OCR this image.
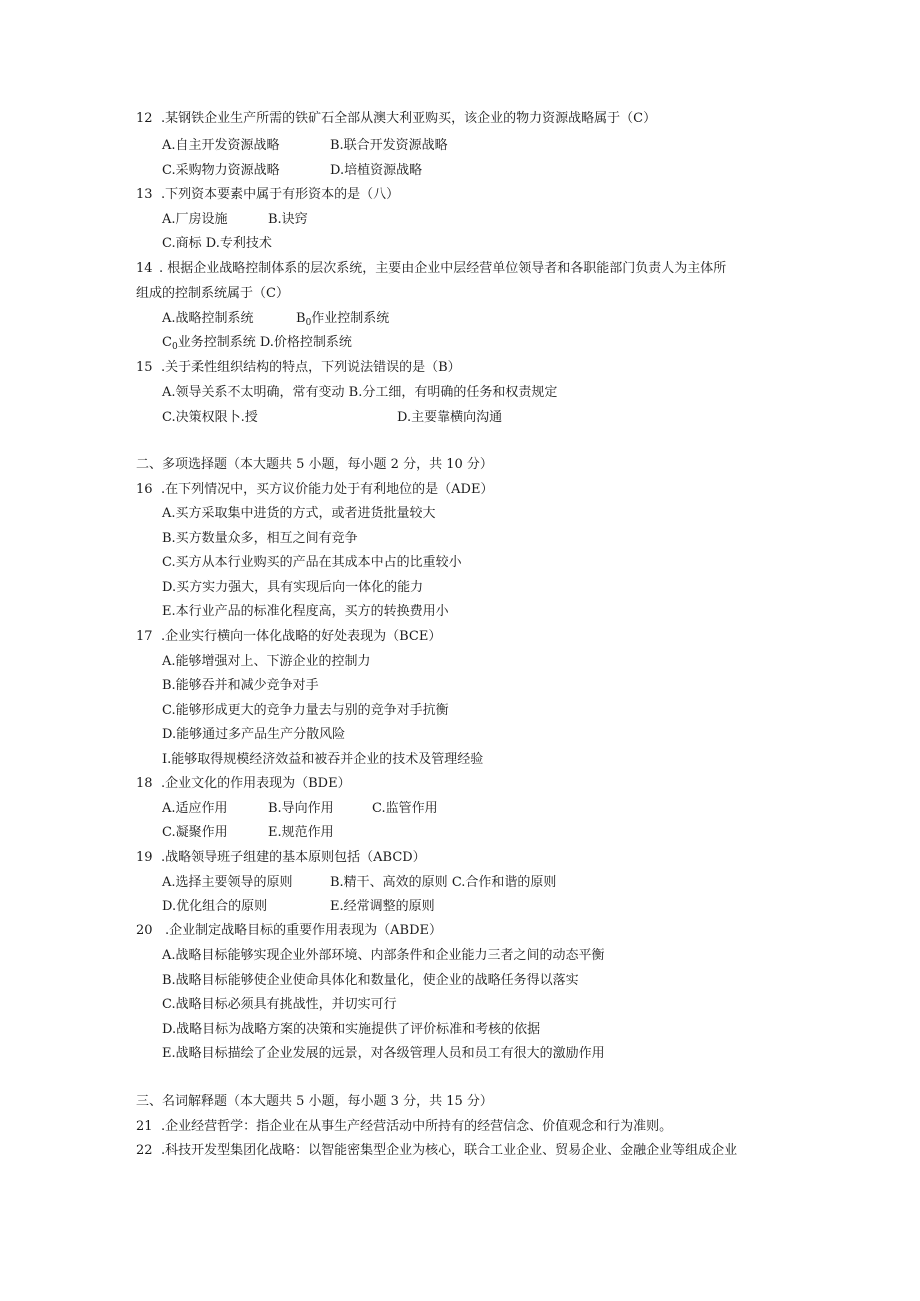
12 .某钢铁企业生产所需的铁矿石全部从澳大利亚购买，该企业的物力资源战略属于（C）
A.自主开发资源战略	B.联合开发资源战略
C.采购物力资源战略	D.培植资源战略
13 .下列资本要素中属于有形资本的是（八）
A.厂房设施	B.诀窍
C.商标 D.专利技术
14 . 根据企业战略控制体系的层次系统，主要由企业中层经营单位领导者和各职能部门负责人为主体所
组成的控制系统属于（C）
A.战略控制系统	$B_0$作业控制系统
$C_0$业务控制系统 D.价格控制系统
15 .关于柔性组织结构的特点，下列说法错误的是（B）
A.领导关系不太明确，常有变动 B.分工细，有明确的任务和权责规定
C.决策权限卜.授	D.主要靠横向沟通
二、多项选择题（本大题共 5 小题，每小题 2 分，共 10 分）
16 .在下列情况中，买方议价能力处于有利地位的是（ADE）
A.买方采取集中进货的方式，或者进货批量较大
B.买方数量众多，相互之间有竞争
C.买方从本行业购买的产品在其成本中占的比重较小
D.买方实力强大，具有实现后向一体化的能力
E.本行业产品的标准化程度高，买方的转换费用小
17 .企业实行横向一体化战略的好处表现为（BCE）
A.能够增强对上、下游企业的控制力
B.能够吞并和减少竞争对手
C.能够形成更大的竞争力量去与别的竞争对手抗衡
D.能够通过多产品生产分散风险
I.能够取得规模经济效益和被吞并企业的技术及管理经验
18 .企业文化的作用表现为（BDE）
A.适应作用	B.导向作用	C.监管作用
C.凝聚作用	E.规范作用
19 .战略领导班子组建的基本原则包括（ABCD）
A.选择主要领导的原则	B.精干、高效的原则 C.合作和谐的原则
D.优化组合的原则	E.经常调整的原则
20 .企业制定战略目标的重要作用表现为（ABDE）
A.战略目标能够实现企业外部环境、内部条件和企业能力三者之间的动态平衡
B.战略目标能够使企业使命具体化和数量化，使企业的战略任务得以落实
C.战略目标必须具有挑战性，并切实可行
D.战略目标为战略方案的决策和实施提供了评价标准和考核的依据
E.战略目标描绘了企业发展的远景，对各级管理人员和员工有很大的激励作用
三、名词解释题（本大题共 5 小题，每小题 3 分，共 15 分）
21 .企业经营哲学：指企业在从事生产经营活动中所持有的经营信念、价值观念和行为准则。
22 .科技开发型集团化战略：以智能密集型企业为核心，联合工业企业、贸易企业、金融企业等组成企业
